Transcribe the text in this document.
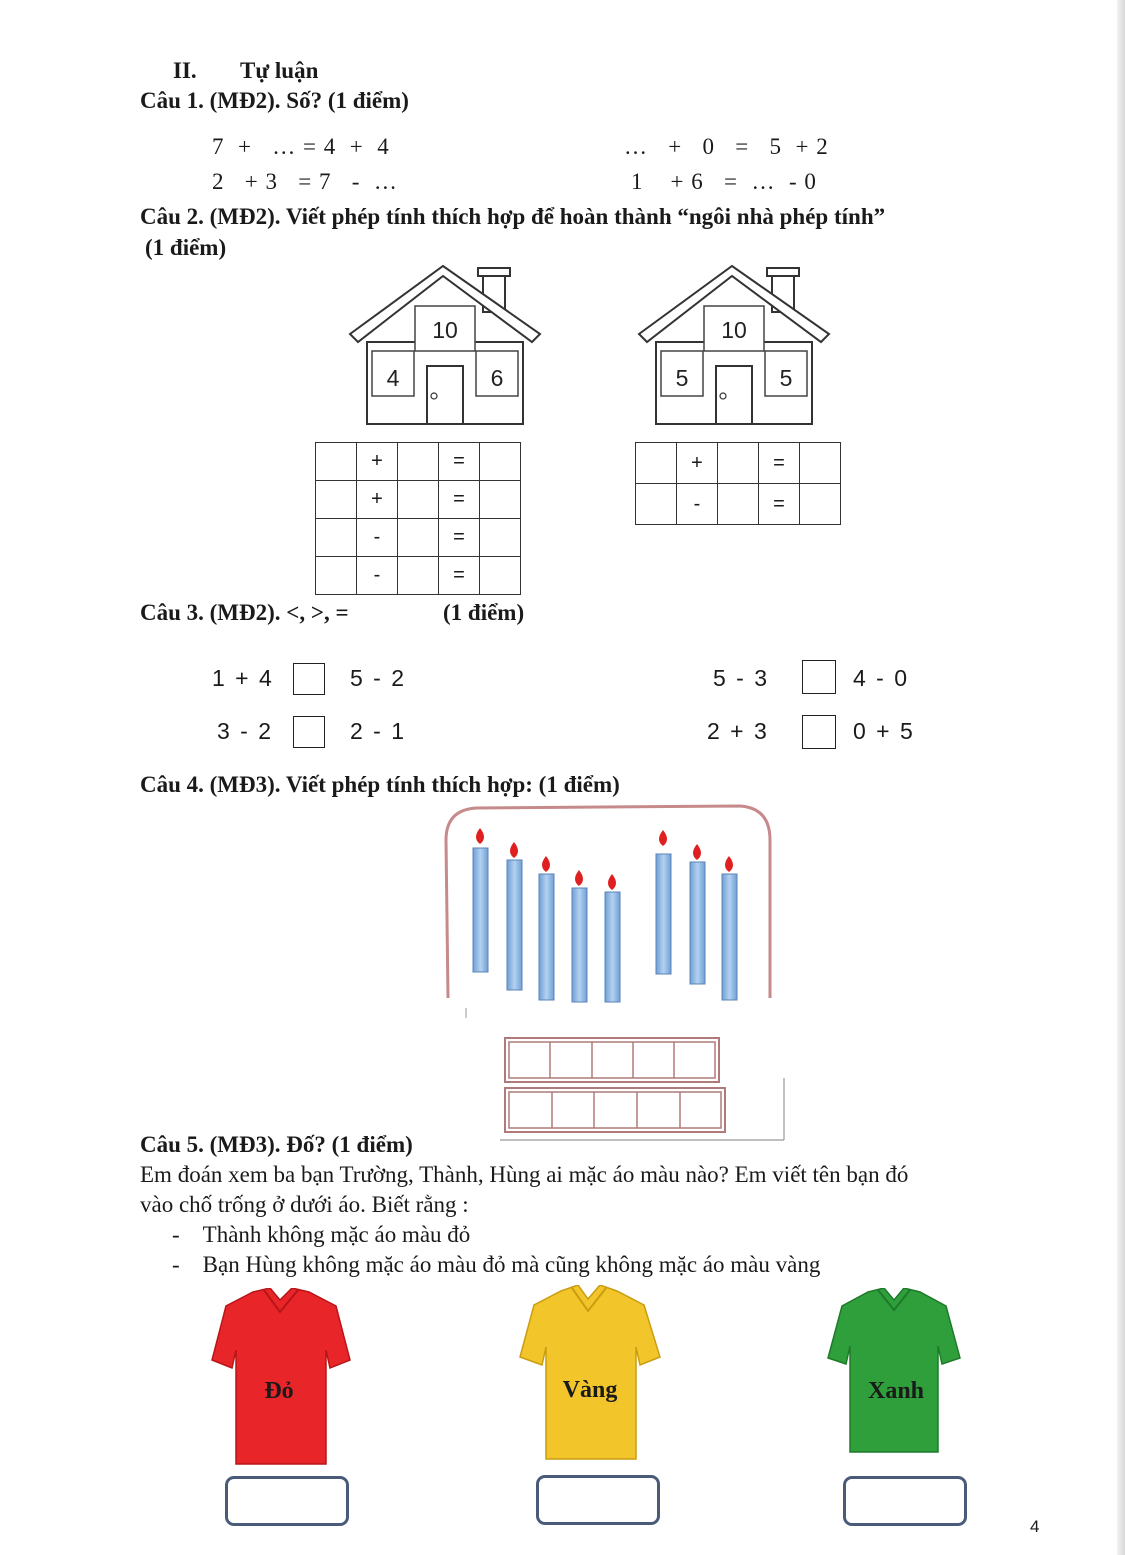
II. Tự luận
Câu 1. (MĐ2). Số? (1 điểm)
7 + … = 4 + 4
2 + 3 = 7 - …
… + 0 = 5 + 2
1 + 6 = … - 0
Câu 2. (MĐ2). Viết phép tính thích hợp để hoàn thành “ngôi nhà phép tính”
(1 điểm)
10
4	6
10
5	5
	+		=	
	+		=	
	-		=	
	-		=	
	+		=	
	-		=	
Câu 3. (MĐ2). <, >, =	(1 điểm)
1 + 4	5 - 2	5 - 3	4 - 0
3 - 2	2 - 1	2 + 3	0 + 5
Câu 4. (MĐ3). Viết phép tính thích hợp: (1 điểm)
Câu 5. (MĐ3). Đố? (1 điểm)
Em đoán xem ba bạn Trường, Thành, Hùng ai mặc áo màu nào? Em viết tên bạn đó
vào chố trống ở dưới áo. Biết rằng :
-    Thành không mặc áo màu đỏ
-    Bạn Hùng không mặc áo màu đỏ mà cũng không mặc áo màu vàng
Đỏ	Vàng	Xanh
4
